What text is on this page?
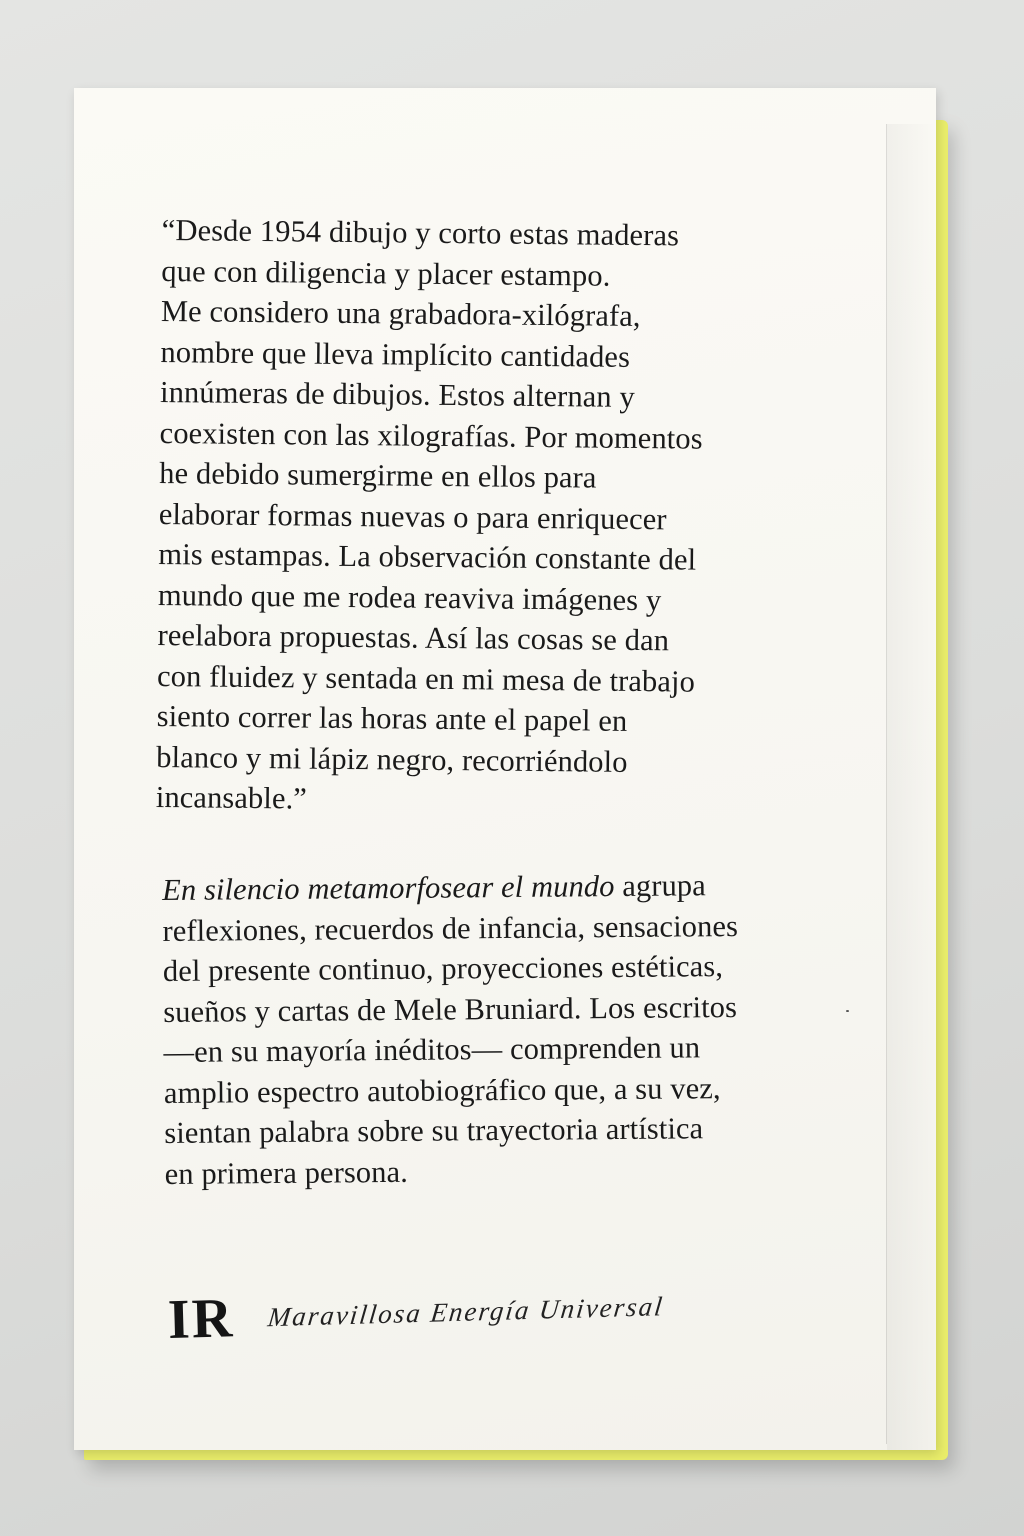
“Desde 1954 dibujo y corto estas maderas
que con diligencia y placer estampo.
Me considero una grabadora-xilógrafa,
nombre que lleva implícito cantidades
innúmeras de dibujos. Estos alternan y
coexisten con las xilografías. Por momentos
he debido sumergirme en ellos para
elaborar formas nuevas o para enriquecer
mis estampas. La observación constante del
mundo que me rodea reaviva imágenes y
reelabora propuestas. Así las cosas se dan
con fluidez y sentada en mi mesa de trabajo
siento correr las horas ante el papel en
blanco y mi lápiz negro, recorriéndolo
incansable.”
En silencio metamorfosear el mundo agrupa
reflexiones, recuerdos de infancia, sensaciones
del presente continuo, proyecciones estéticas,
sueños y cartas de Mele Bruniard. Los escritos
—en su mayoría inéditos— comprenden un
amplio espectro autobiográfico que, a su vez,
sientan palabra sobre su trayectoria artística
en primera persona.
IR Maravillosa Energía Universal
